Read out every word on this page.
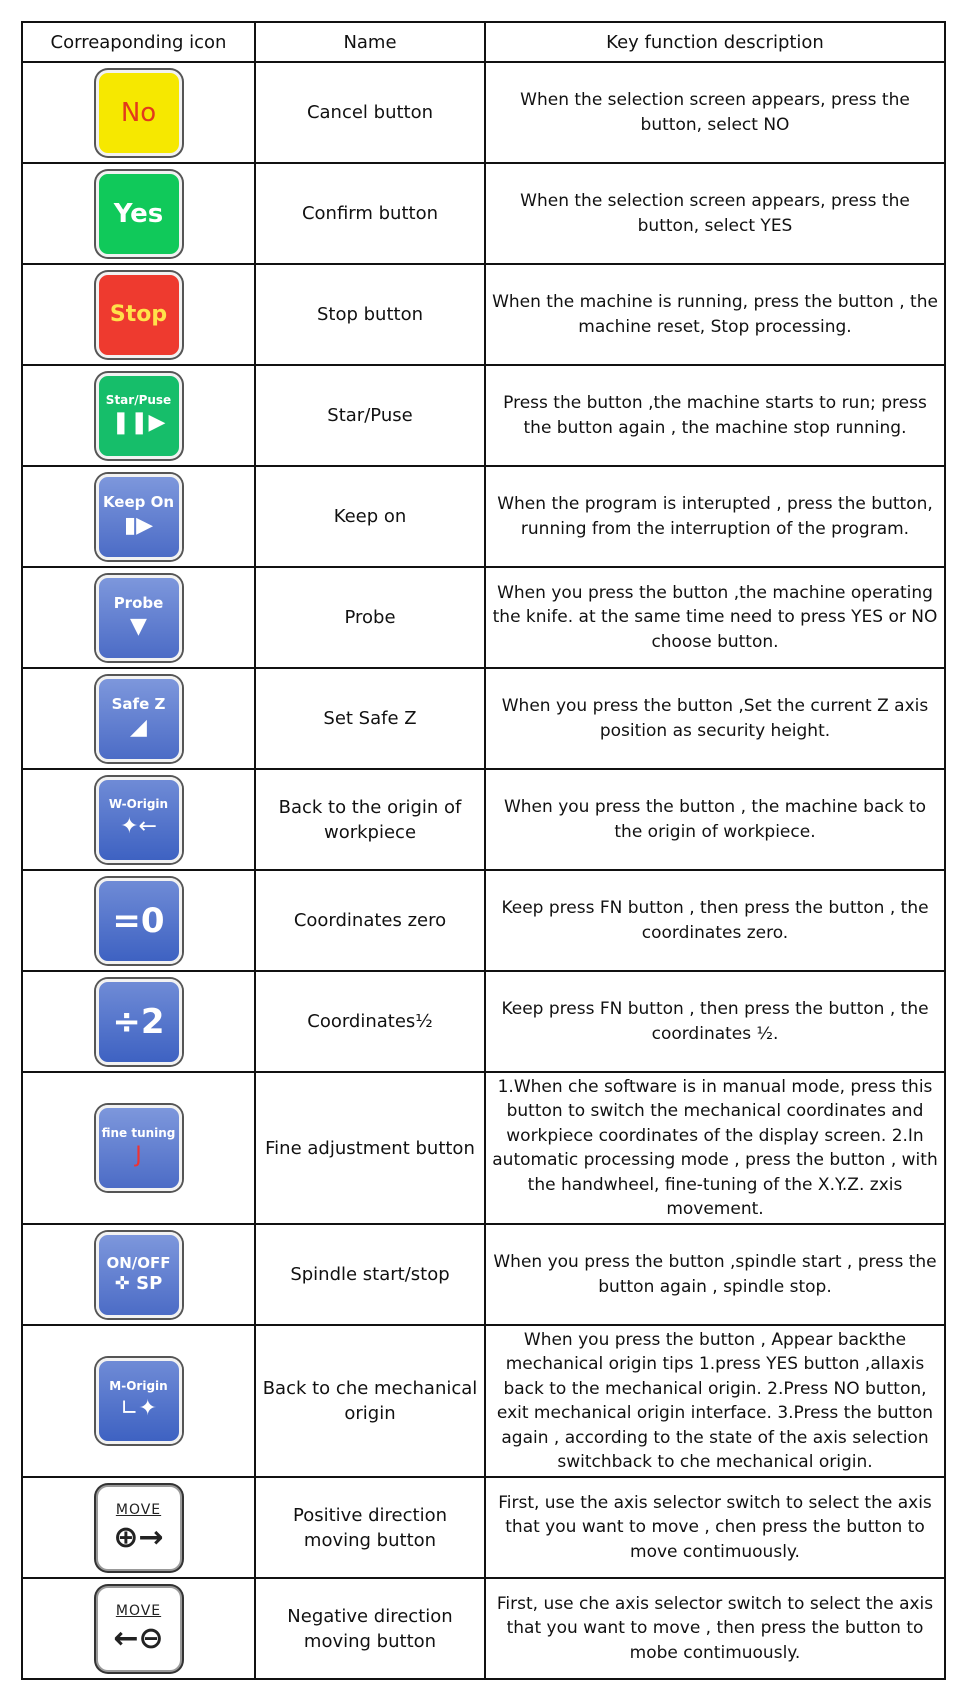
Correaponding icon	Name	Key function description

No	Cancel button	When the selection screen appears, press the button, select NO

Yes	Confirm button	When the selection screen appears, press the button, select YES

Stop	Stop button	When the machine is running, press the button , the machine reset, Stop processing.

Star/Puse
❚❚▶	Star/Puse	Press the button ,the machine starts to run; press the button again , the machine stop running.

Keep On
▮▶	Keep on	When the program is interupted , press the button, running from the interruption of the program.

Probe
▼	Probe	When you press the button ,the machine operating the knife. at the same time need to press YES or NO choose button.

Safe Z
◢	Set Safe Z	When you press the button ,Set the current Z axis position as security height.

W-Origin
✦←	Back to the origin of workpiece	When you press the button , the machine back to the origin of workpiece.

=0	Coordinates zero	Keep press FN button , then press the button , the coordinates zero.

÷2	Coordinates½	Keep press FN button , then press the button , the coordinates ½.

fine tuning
J	Fine adjustment button	1.When che software is in manual mode, press this button to switch the mechanical coordinates and workpiece coordinates of the display screen. 2.In automatic processing mode , press the button , with the handwheel, fine-tuning of the X.Y.Z. zxis movement.

ON/OFF
✜ SP	Spindle start/stop	When you press the button ,spindle start , press the button again , spindle stop.

M-Origin
∟✦	Back to che mechanical origin	When you press the button , Appear backthe mechanical origin tips 1.press YES button ,allaxis back to the mechanical origin. 2.Press NO button, exit mechanical origin interface. 3.Press the button again , according to the state of the axis selection switchback to che mechanical origin.

MOVE
⊕→	Positive direction moving button	First, use the axis selector switch to select the axis that you want to move , chen press the button to move contimuously.

MOVE
←⊖	Negative direction moving button	First, use che axis selector switch to select the axis that you want to move , then press the button to mobe contimuously.
